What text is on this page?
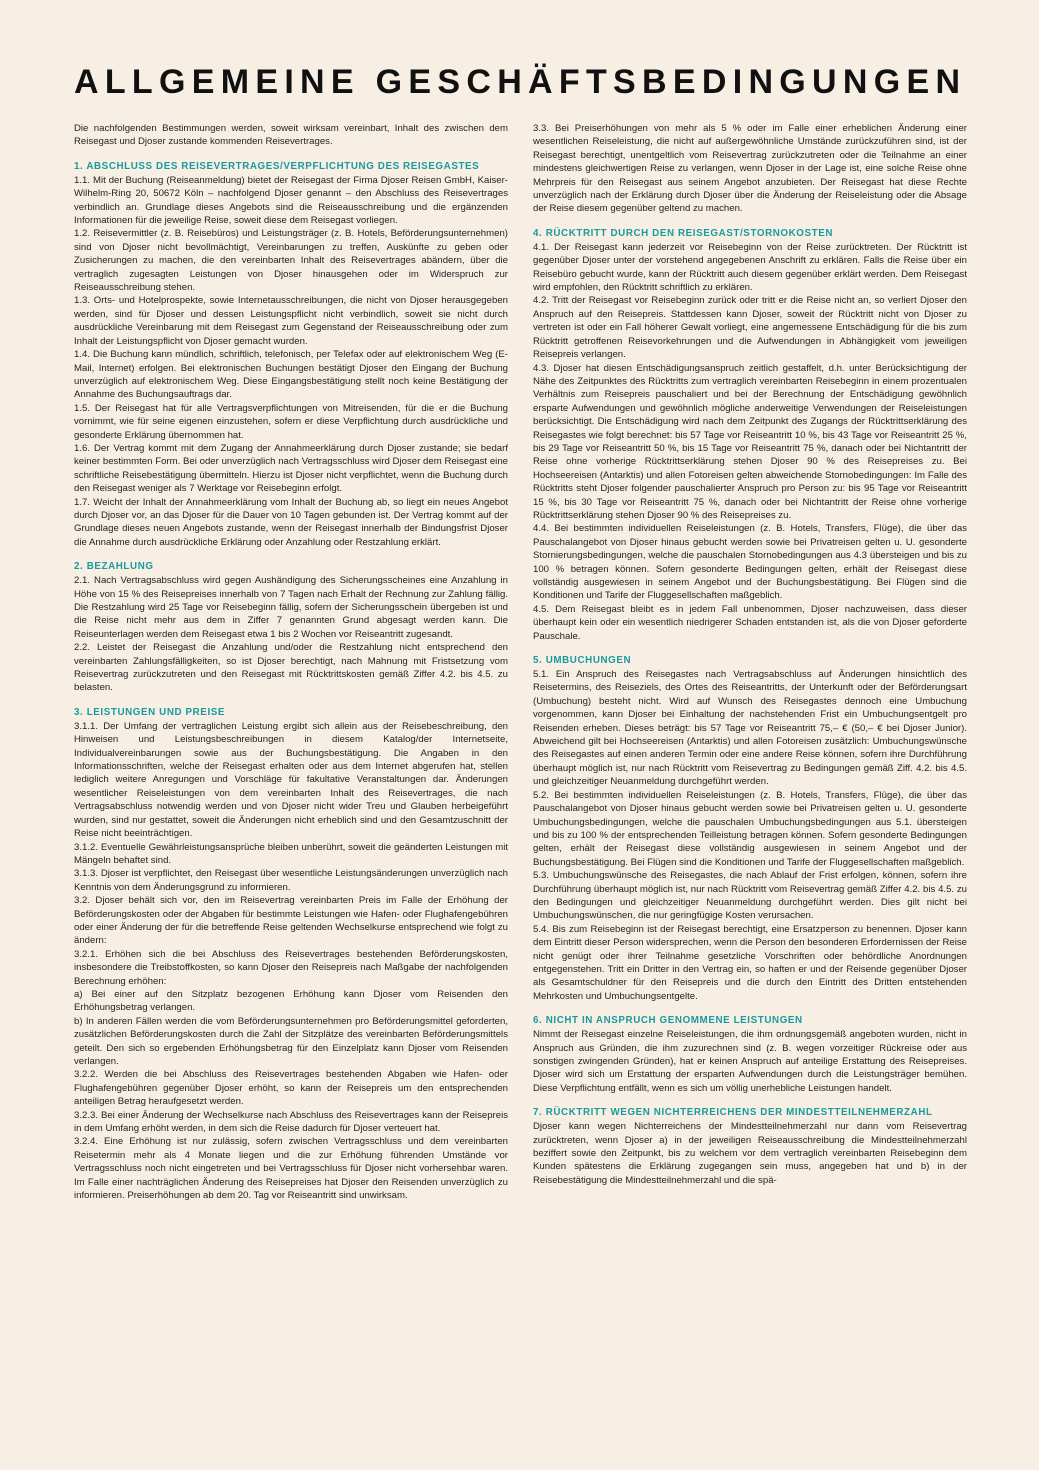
ALLGEMEINE GESCHÄFTSBEDINGUNGEN

Die nachfolgenden Bestimmungen werden, soweit wirksam vereinbart, Inhalt des zwischen dem Reisegast und Djoser zustande kommenden Reisevertrages.

1. ABSCHLUSS DES REISEVERTRAGES/VERPFLICHTUNG DES REISEGASTES

1.1. Mit der Buchung (Reiseanmeldung) bietet der Reisegast der Firma Djoser Reisen GmbH, Kaiser-Wilhelm-Ring 20, 50672 Köln – nachfolgend Djoser genannt – den Abschluss des Reisevertrages verbindlich an. Grundlage dieses Angebots sind die Reiseausschreibung und die ergänzenden Informationen für die jeweilige Reise, soweit diese dem Reisegast vorliegen.

1.2. Reisevermittler (z. B. Reisebüros) und Leistungsträger (z. B. Hotels, Beförderungsunternehmen) sind von Djoser nicht bevollmächtigt, Vereinbarungen zu treffen, Auskünfte zu geben oder Zusicherungen zu machen, die den vereinbarten Inhalt des Reisevertrages abändern, über die vertraglich zugesagten Leistungen von Djoser hinausgehen oder im Widerspruch zur Reiseausschreibung stehen.

1.3. Orts- und Hotelprospekte, sowie Internetausschreibungen, die nicht von Djoser herausgegeben werden, sind für Djoser und dessen Leistungspflicht nicht verbindlich, soweit sie nicht durch ausdrückliche Vereinbarung mit dem Reisegast zum Gegenstand der Reiseausschreibung oder zum Inhalt der Leistungspflicht von Djoser gemacht wurden.

1.4. Die Buchung kann mündlich, schriftlich, telefonisch, per Telefax oder auf elektronischem Weg (E-Mail, Internet) erfolgen. Bei elektronischen Buchungen bestätigt Djoser den Eingang der Buchung unverzüglich auf elektronischem Weg. Diese Eingangsbestätigung stellt noch keine Bestätigung der Annahme des Buchungsauftrags dar.

1.5. Der Reisegast hat für alle Vertragsverpflichtungen von Mitreisenden, für die er die Buchung vornimmt, wie für seine eigenen einzustehen, sofern er diese Verpflichtung durch ausdrückliche und gesonderte Erklärung übernommen hat.

1.6. Der Vertrag kommt mit dem Zugang der Annahmeerklärung durch Djoser zustande; sie bedarf keiner bestimmten Form. Bei oder unverzüglich nach Vertragsschluss wird Djoser dem Reisegast eine schriftliche Reisebestätigung übermitteln. Hierzu ist Djoser nicht verpflichtet, wenn die Buchung durch den Reisegast weniger als 7 Werktage vor Reisebeginn erfolgt.

1.7. Weicht der Inhalt der Annahmeerklärung vom Inhalt der Buchung ab, so liegt ein neues Angebot durch Djoser vor, an das Djoser für die Dauer von 10 Tagen gebunden ist. Der Vertrag kommt auf der Grundlage dieses neuen Angebots zustande, wenn der Reisegast innerhalb der Bindungsfrist Djoser die Annahme durch ausdrückliche Erklärung oder Anzahlung oder Restzahlung erklärt.

2. BEZAHLUNG

2.1. Nach Vertragsabschluss wird gegen Aushändigung des Sicherungsscheines eine Anzahlung in Höhe von 15 % des Reisepreises innerhalb von 7 Tagen nach Erhalt der Rechnung zur Zahlung fällig. Die Restzahlung wird 25 Tage vor Reisebeginn fällig, sofern der Sicherungsschein übergeben ist und die Reise nicht mehr aus dem in Ziffer 7 genannten Grund abgesagt werden kann. Die Reiseunterlagen werden dem Reisegast etwa 1 bis 2 Wochen vor Reiseantritt zugesandt.

2.2. Leistet der Reisegast die Anzahlung und/oder die Restzahlung nicht entsprechend den vereinbarten Zahlungsfälligkeiten, so ist Djoser berechtigt, nach Mahnung mit Fristsetzung vom Reisevertrag zurückzutreten und den Reisegast mit Rücktrittskosten gemäß Ziffer 4.2. bis 4.5. zu belasten.

3. LEISTUNGEN UND PREISE

3.1.1. Der Umfang der vertraglichen Leistung ergibt sich allein aus der Reisebeschreibung, den Hinweisen und Leistungsbeschreibungen in diesem Katalog/der Internetseite, Individualvereinbarungen sowie aus der Buchungsbestätigung. Die Angaben in den Informationsschriften, welche der Reisegast erhalten oder aus dem Internet abgerufen hat, stellen lediglich weitere Anregungen und Vorschläge für fakultative Veranstaltungen dar. Änderungen wesentlicher Reiseleistungen von dem vereinbarten Inhalt des Reisevertrages, die nach Vertragsabschluss notwendig werden und von Djoser nicht wider Treu und Glauben herbeigeführt wurden, sind nur gestattet, soweit die Änderungen nicht erheblich sind und den Gesamtzuschnitt der Reise nicht beeinträchtigen.

3.1.2. Eventuelle Gewährleistungsansprüche bleiben unberührt, soweit die geänderten Leistungen mit Mängeln behaftet sind.

3.1.3. Djoser ist verpflichtet, den Reisegast über wesentliche Leistungsänderungen unverzüglich nach Kenntnis von dem Änderungsgrund zu informieren.

3.2. Djoser behält sich vor, den im Reisevertrag vereinbarten Preis im Falle der Erhöhung der Beförderungskosten oder der Abgaben für bestimmte Leistungen wie Hafen- oder Flughafengebühren oder einer Änderung der für die betreffende Reise geltenden Wechselkurse entsprechend wie folgt zu ändern:

3.2.1. Erhöhen sich die bei Abschluss des Reisevertrages bestehenden Beförderungskosten, insbesondere die Treibstoffkosten, so kann Djoser den Reisepreis nach Maßgabe der nachfolgenden Berechnung erhöhen:

a) Bei einer auf den Sitzplatz bezogenen Erhöhung kann Djoser vom Reisenden den Erhöhungsbetrag verlangen.

b) In anderen Fällen werden die vom Beförderungsunternehmen pro Beförderungsmittel geforderten, zusätzlichen Beförderungskosten durch die Zahl der Sitzplätze des vereinbarten Beförderungsmittels geteilt. Den sich so ergebenden Erhöhungsbetrag für den Einzelplatz kann Djoser vom Reisenden verlangen.

3.2.2. Werden die bei Abschluss des Reisevertrages bestehenden Abgaben wie Hafen- oder Flughafengebühren gegenüber Djoser erhöht, so kann der Reisepreis um den entsprechenden anteiligen Betrag heraufgesetzt werden.

3.2.3. Bei einer Änderung der Wechselkurse nach Abschluss des Reisevertrages kann der Reisepreis in dem Umfang erhöht werden, in dem sich die Reise dadurch für Djoser verteuert hat.

3.2.4. Eine Erhöhung ist nur zulässig, sofern zwischen Vertragsschluss und dem vereinbarten Reisetermin mehr als 4 Monate liegen und die zur Erhöhung führenden Umstände vor Vertragsschluss noch nicht eingetreten und bei Vertragsschluss für Djoser nicht vorhersehbar waren. Im Falle einer nachträglichen Änderung des Reisepreises hat Djoser den Reisenden unverzüglich zu informieren. Preiserhöhungen ab dem 20. Tag vor Reiseantritt sind unwirksam.

3.3. Bei Preiserhöhungen von mehr als 5 % oder im Falle einer erheblichen Änderung einer wesentlichen Reiseleistung, die nicht auf außergewöhnliche Umstände zurückzuführen sind, ist der Reisegast berechtigt, unentgeltlich vom Reisevertrag zurückzutreten oder die Teilnahme an einer mindestens gleichwertigen Reise zu verlangen, wenn Djoser in der Lage ist, eine solche Reise ohne Mehrpreis für den Reisegast aus seinem Angebot anzubieten. Der Reisegast hat diese Rechte unverzüglich nach der Erklärung durch Djoser über die Änderung der Reiseleistung oder die Absage der Reise diesem gegenüber geltend zu machen.

4. RÜCKTRITT DURCH DEN REISEGAST/STORNOKOSTEN

4.1. Der Reisegast kann jederzeit vor Reisebeginn von der Reise zurücktreten. Der Rücktritt ist gegenüber Djoser unter der vorstehend angegebenen Anschrift zu erklären. Falls die Reise über ein Reisebüro gebucht wurde, kann der Rücktritt auch diesem gegenüber erklärt werden. Dem Reisegast wird empfohlen, den Rücktritt schriftlich zu erklären.

4.2. Tritt der Reisegast vor Reisebeginn zurück oder tritt er die Reise nicht an, so verliert Djoser den Anspruch auf den Reisepreis. Stattdessen kann Djoser, soweit der Rücktritt nicht von Djoser zu vertreten ist oder ein Fall höherer Gewalt vorliegt, eine angemessene Entschädigung für die bis zum Rücktritt getroffenen Reisevorkehrungen und die Aufwendungen in Abhängigkeit vom jeweiligen Reisepreis verlangen.

4.3. Djoser hat diesen Entschädigungsanspruch zeitlich gestaffelt, d.h. unter Berücksichtigung der Nähe des Zeitpunktes des Rücktritts zum vertraglich vereinbarten Reisebeginn in einem prozentualen Verhältnis zum Reisepreis pauschaliert und bei der Berechnung der Entschädigung gewöhnlich ersparte Aufwendungen und gewöhnlich mögliche anderweitige Verwendungen der Reiseleistungen berücksichtigt. Die Entschädigung wird nach dem Zeitpunkt des Zugangs der Rücktrittserklärung des Reisegastes wie folgt berechnet: bis 57 Tage vor Reiseantritt 10 %, bis 43 Tage vor Reiseantritt 25 %, bis 29 Tage vor Reiseantritt 50 %, bis 15 Tage vor Reiseantritt 75 %, danach oder bei Nichtantritt der Reise ohne vorherige Rücktrittserklärung stehen Djoser 90 % des Reisepreises zu. Bei Hochseereisen (Antarktis) und allen Fotoreisen gelten abweichende Stornobedingungen: Im Falle des Rücktritts steht Djoser folgender pauschalierter Anspruch pro Person zu: bis 95 Tage vor Reiseantritt 15 %, bis 30 Tage vor Reiseantritt 75 %, danach oder bei Nichtantritt der Reise ohne vorherige Rücktrittserklärung stehen Djoser 90 % des Reisepreises zu.

4.4. Bei bestimmten individuellen Reiseleistungen (z. B. Hotels, Transfers, Flüge), die über das Pauschalangebot von Djoser hinaus gebucht werden sowie bei Privatreisen gelten u. U. gesonderte Stornierungsbedingungen, welche die pauschalen Stornobedingungen aus 4.3 übersteigen und bis zu 100 % betragen können. Sofern gesonderte Bedingungen gelten, erhält der Reisegast diese vollständig ausgewiesen in seinem Angebot und der Buchungsbestätigung. Bei Flügen sind die Konditionen und Tarife der Fluggesellschaften maßgeblich.

4.5. Dem Reisegast bleibt es in jedem Fall unbenommen, Djoser nachzuweisen, dass dieser überhaupt kein oder ein wesentlich niedrigerer Schaden entstanden ist, als die von Djoser geforderte Pauschale.

5. UMBUCHUNGEN

5.1. Ein Anspruch des Reisegastes nach Vertragsabschluss auf Änderungen hinsichtlich des Reisetermins, des Reiseziels, des Ortes des Reiseantritts, der Unterkunft oder der Beförderungsart (Umbuchung) besteht nicht. Wird auf Wunsch des Reisegastes dennoch eine Umbuchung vorgenommen, kann Djoser bei Einhaltung der nachstehenden Frist ein Umbuchungsentgelt pro Reisenden erheben. Dieses beträgt: bis 57 Tage vor Reiseantritt 75,– € (50,– € bei Djoser Junior). Abweichend gilt bei Hochseereisen (Antarktis) und allen Fotoreisen zusätzlich: Umbuchungswünsche des Reisegastes auf einen anderen Termin oder eine andere Reise können, sofern ihre Durchführung überhaupt möglich ist, nur nach Rücktritt vom Reisevertrag zu Bedingungen gemäß Ziff. 4.2. bis 4.5. und gleichzeitiger Neuanmeldung durchgeführt werden.

5.2. Bei bestimmten individuellen Reiseleistungen (z. B. Hotels, Transfers, Flüge), die über das Pauschalangebot von Djoser hinaus gebucht werden sowie bei Privatreisen gelten u. U. gesonderte Umbuchungsbedingungen, welche die pauschalen Umbuchungsbedingungen aus 5.1. übersteigen und bis zu 100 % der entsprechenden Teilleistung betragen können. Sofern gesonderte Bedingungen gelten, erhält der Reisegast diese vollständig ausgewiesen in seinem Angebot und der Buchungsbestätigung. Bei Flügen sind die Konditionen und Tarife der Fluggesellschaften maßgeblich.

5.3. Umbuchungswünsche des Reisegastes, die nach Ablauf der Frist erfolgen, können, sofern ihre Durchführung überhaupt möglich ist, nur nach Rücktritt vom Reisevertrag gemäß Ziffer 4.2. bis 4.5. zu den Bedingungen und gleichzeitiger Neuanmeldung durchgeführt werden. Dies gilt nicht bei Umbuchungswünschen, die nur geringfügige Kosten verursachen.

5.4. Bis zum Reisebeginn ist der Reisegast berechtigt, eine Ersatzperson zu benennen. Djoser kann dem Eintritt dieser Person widersprechen, wenn die Person den besonderen Erfordernissen der Reise nicht genügt oder ihrer Teilnahme gesetzliche Vorschriften oder behördliche Anordnungen entgegenstehen. Tritt ein Dritter in den Vertrag ein, so haften er und der Reisende gegenüber Djoser als Gesamtschuldner für den Reisepreis und die durch den Eintritt des Dritten entstehenden Mehrkosten und Umbuchungsentgelte.

6. NICHT IN ANSPRUCH GENOMMENE LEISTUNGEN

Nimmt der Reisegast einzelne Reiseleistungen, die ihm ordnungsgemäß angeboten wurden, nicht in Anspruch aus Gründen, die ihm zuzurechnen sind (z. B. wegen vorzeitiger Rückreise oder aus sonstigen zwingenden Gründen), hat er keinen Anspruch auf anteilige Erstattung des Reisepreises. Djoser wird sich um Erstattung der ersparten Aufwendungen durch die Leistungsträger bemühen. Diese Verpflichtung entfällt, wenn es sich um völlig unerhebliche Leistungen handelt.

7. RÜCKTRITT WEGEN NICHTERREICHENS DER MINDESTTEILNEHMERZAHL

Djoser kann wegen Nichterreichens der Mindestteilnehmerzahl nur dann vom Reisevertrag zurücktreten, wenn Djoser a) in der jeweiligen Reiseausschreibung die Mindestteilnehmerzahl beziffert sowie den Zeitpunkt, bis zu welchem vor dem vertraglich vereinbarten Reisebeginn dem Kunden spätestens die Erklärung zugegangen sein muss, angegeben hat und b) in der Reisebestätigung die Mindestteilnehmerzahl und die spä-
